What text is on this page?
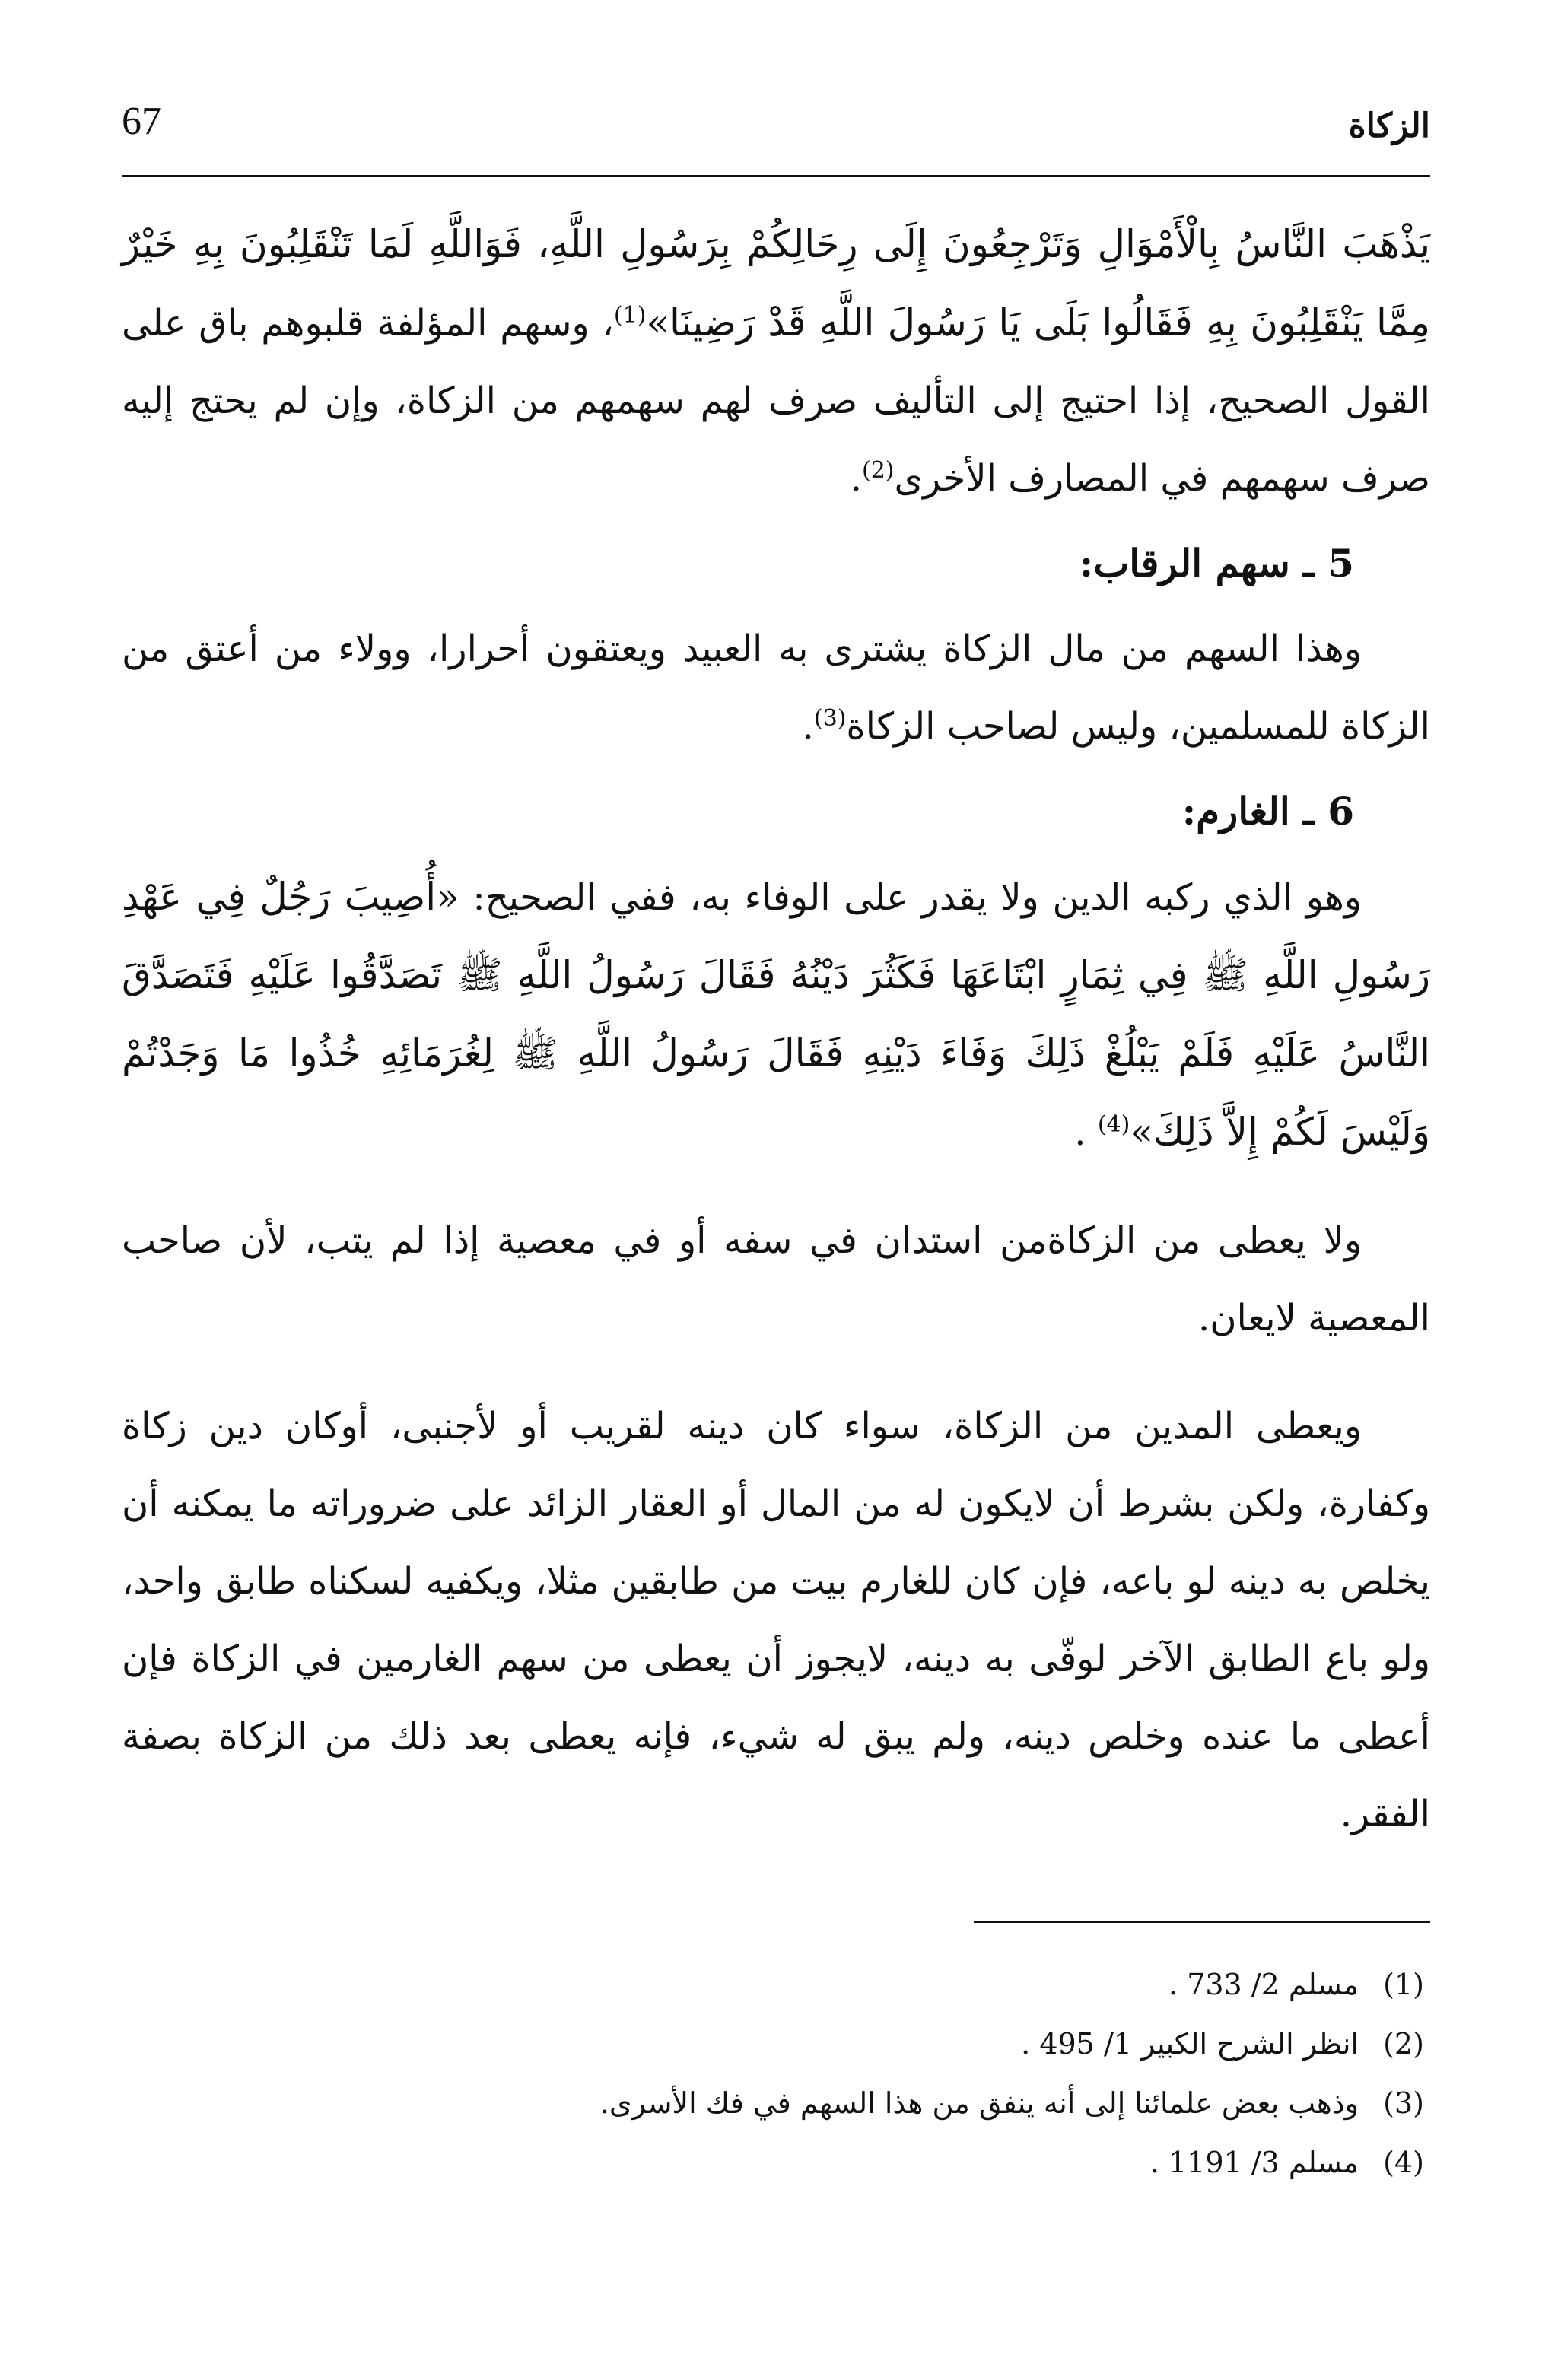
الزكاة
67

يَذْهَبَ النَّاسُ بِالْأَمْوَالِ وَتَرْجِعُونَ إِلَى رِحَالِكُمْ بِرَسُولِ اللَّهِ، فَوَاللَّهِ لَمَا تَنْقَلِبُونَ بِهِ خَيْرٌ مِمَّا يَنْقَلِبُونَ بِهِ فَقَالُوا بَلَى يَا رَسُولَ اللَّهِ قَدْ رَضِينَا»$^{(1)}$، وسهم المؤلفة قلبوهم باق على القول الصحيح، إذا احتيج إلى التأليف صرف لهم سهمهم من الزكاة، وإن لم يحتج إليه صرف سهمهم في المصارف الأخرى$^{(2)}$.

5 ـ سهم الرقاب:

وهذا السهم من مال الزكاة يشترى به العبيد ويعتقون أحرارا، وولاء من أعتق من الزكاة للمسلمين، وليس لصاحب الزكاة$^{(3)}$.

6 ـ الغارم:

وهو الذي ركبه الدين ولا يقدر على الوفاء به، ففي الصحيح: «أُصِيبَ رَجُلٌ فِي عَهْدِ رَسُولِ اللَّهِ ﷺ فِي ثِمَارٍ ابْتَاعَهَا فَكَثُرَ دَيْنُهُ فَقَالَ رَسُولُ اللَّهِ ﷺ تَصَدَّقُوا عَلَيْهِ فَتَصَدَّقَ النَّاسُ عَلَيْهِ فَلَمْ يَبْلُغْ ذَلِكَ وَفَاءَ دَيْنِهِ فَقَالَ رَسُولُ اللَّهِ ﷺ لِغُرَمَائِهِ خُذُوا مَا وَجَدْتُمْ وَلَيْسَ لَكُمْ إِلاَّ ذَلِكَ»$^{(4)}$ .

ولا يعطى من الزكاةمن استدان في سفه أو في معصية إذا لم يتب، لأن صاحب المعصية لايعان.

ويعطى المدين من الزكاة، سواء كان دينه لقريب أو لأجنبى، أوكان دين زكاة وكفارة، ولكن بشرط أن لايكون له من المال أو العقار الزائد على ضروراته ما يمكنه أن يخلص به دينه لو باعه، فإن كان للغارم بيت من طابقين مثلا، ويكفيه لسكناه طابق واحد، ولو باع الطابق الآخر لوفّى به دينه، لايجوز أن يعطى من سهم الغارمين في الزكاة فإن أعطى ما عنده وخلص دينه، ولم يبق له شيء، فإنه يعطى بعد ذلك من الزكاة بصفة الفقر.

(1)
مسلم 2/ 733 .
(2)
انظر الشرح الكبير 1/ 495 .
(3)
وذهب بعض علمائنا إلى أنه ينفق من هذا السهم في فك الأسرى.
(4)
مسلم 3/ 1191 .
